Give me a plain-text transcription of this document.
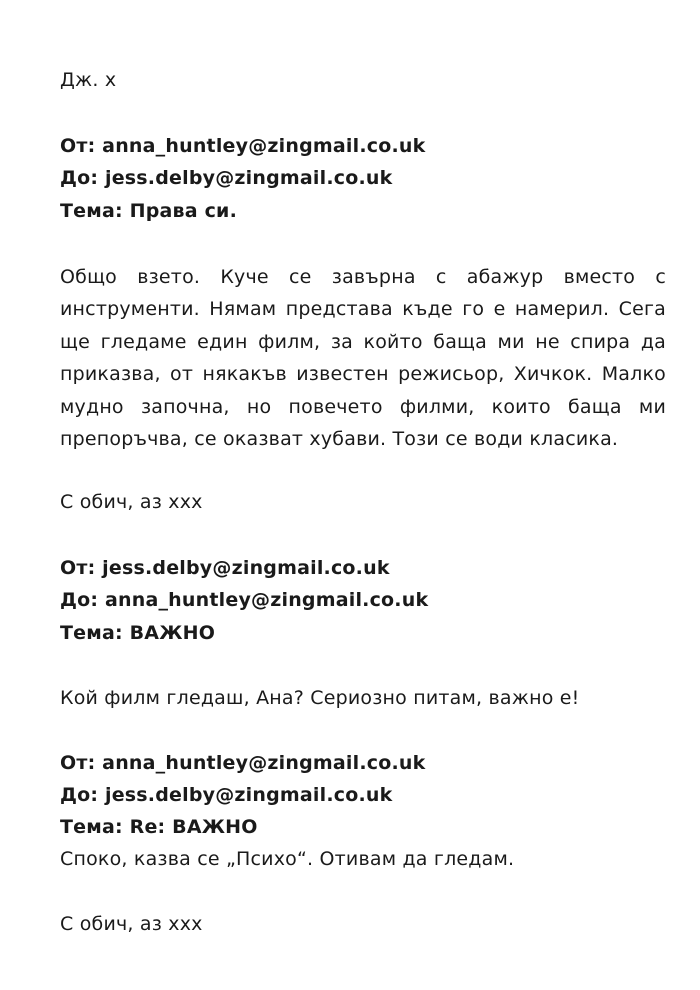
Дж. х
От: anna_huntley@zingmail.co.uk
До: jess.delby@zingmail.co.uk
Тема: Права си.
Общо взето. Куче се завърна с абажур вместо с инструменти. Нямам представа къде го е намерил. Сега ще гледаме един филм, за който баща ми не спира да приказва, от някакъв известен режисьор, Хичкок. Малко мудно започна, но повечето филми, които баща ми препоръчва, се оказват хубави. Този се води класика.
С обич, аз ххх
От: jess.delby@zingmail.co.uk
До: anna_huntley@zingmail.co.uk
Тема: ВАЖНО
Кой филм гледаш, Ана? Сериозно питам, важно е!
От: anna_huntley@zingmail.co.uk
До: jess.delby@zingmail.co.uk
Тема: Re: ВАЖНО
Споко, казва се „Психо“. Отивам да гледам.
С обич, аз ххх
